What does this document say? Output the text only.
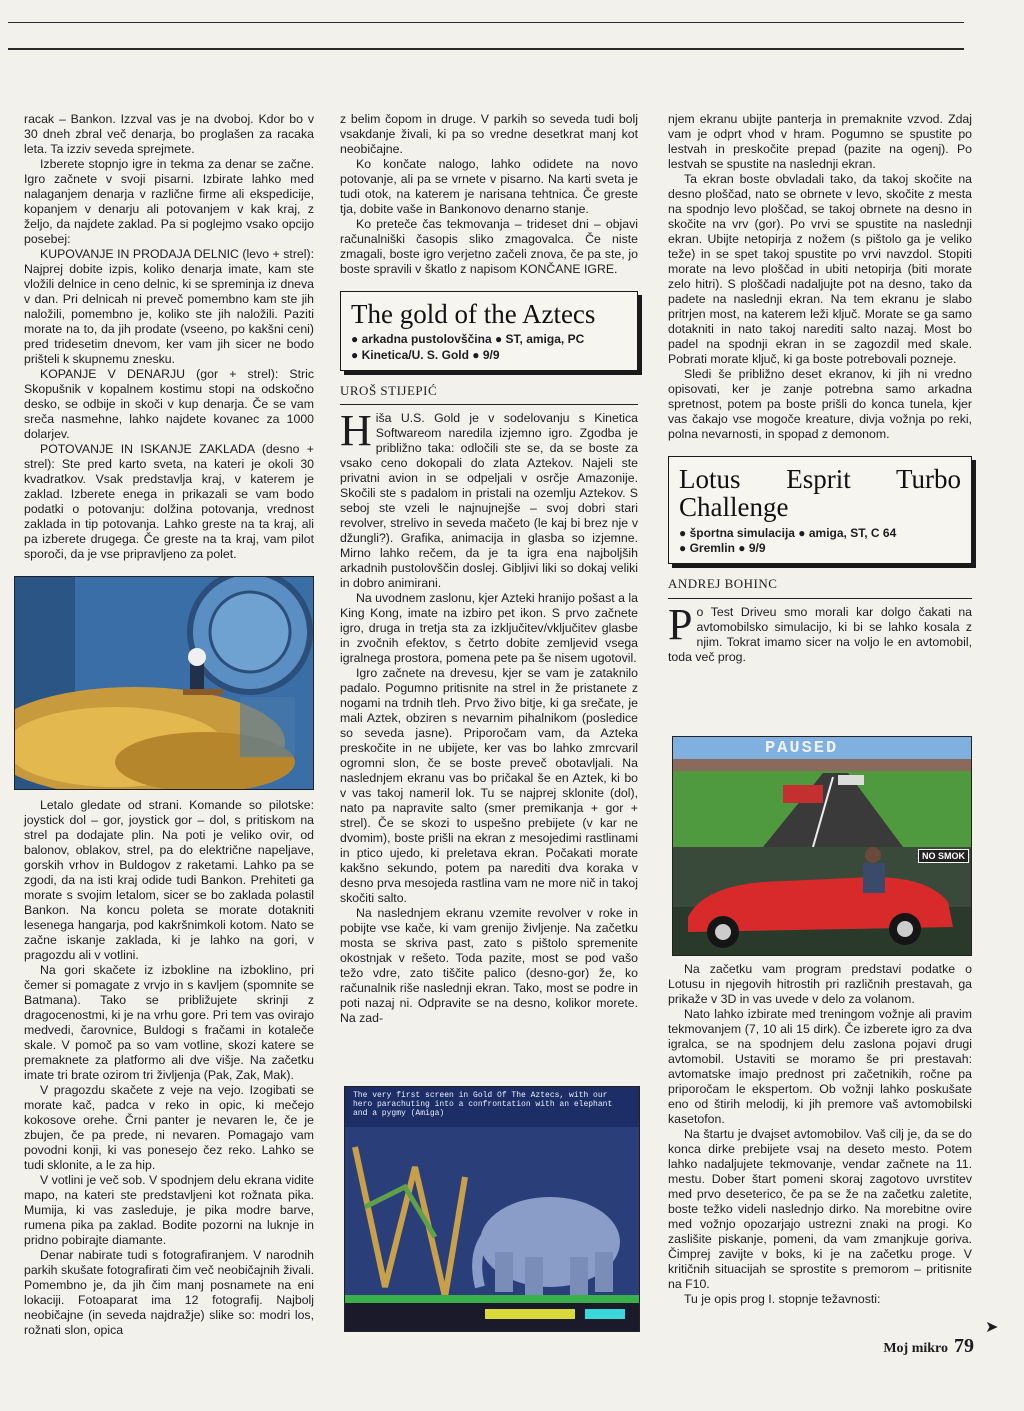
racak – Bankon. Izzval vas je na dvoboj. Kdor bo v 30 dneh zbral več denarja, bo proglašen za racaka leta. Ta izziv seveda sprejmete.

Izberete stopnjo igre in tekma za denar se začne. Igro začnete v svoji pisarni. Izbirate lahko med nalaganjem denarja v različne firme ali ekspedicije, kopanjem v denarju ali potovanjem v kak kraj, z željo, da najdete zaklad. Pa si poglejmo vsako opcijo posebej:

KUPOVANJE IN PRODAJA DELNIC (levo + strel): Najprej dobite izpis, koliko denarja imate, kam ste vložili delnice in ceno delnic, ki se spreminja iz dneva v dan. Pri delnicah ni preveč pomembno kam ste jih naložili, pomembno je, koliko ste jih naložili. Paziti morate na to, da jih prodate (vseeno, po kakšni ceni) pred tridesetim dnevom, ker vam jih sicer ne bodo prišteli k skupnemu znesku.

KOPANJE V DENARJU (gor + strel): Stric Skopušnik v kopalnem kostimu stopi na odskočno desko, se odbije in skoči v kup denarja. Če se vam sreča nasmehne, lahko najdete kovanec za 1000 dolarjev.

POTOVANJE IN ISKANJE ZAKLADA (desno + strel): Ste pred karto sveta, na kateri je okoli 30 kvadratkov. Vsak predstavlja kraj, v katerem je zaklad. Izberete enega in prikazali se vam bodo podatki o potovanju: dolžina potovanja, vrednost zaklada in tip potovanja. Lahko greste na ta kraj, ali pa izberete drugega. Če greste na ta kraj, vam pilot sporoči, da je vse pripravljeno za polet.

Letalo gledate od strani. Komande so pilotske: joystick dol – gor, joystick gor – dol, s pritiskom na strel pa dodajate plin. Na poti je veliko ovir, od balonov, oblakov, strel, pa do električne napeljave, gorskih vrhov in Buldogov z raketami. Lahko pa se zgodi, da na isti kraj odide tudi Bankon. Prehiteti ga morate s svojim letalom, sicer se bo zaklada polastil Bankon. Na koncu poleta se morate dotakniti lesenega hangarja, pod kakršnimkoli kotom. Nato se začne iskanje zaklada, ki je lahko na gori, v pragozdu ali v votlini.

Na gori skačete iz izbokline na izboklino, pri čemer si pomagate z vrvjo in s kavljem (spomnite se Batmana). Tako se približujete skrinji z dragocenostmi, ki je na vrhu gore. Pri tem vas ovirajo medvedi, čarovnice, Buldogi s fračami in kotaleče skale. V pomoč pa so vam votline, skozi katere se premaknete za platformo ali dve višje. Na začetku imate tri brate ozirom tri življenja (Pak, Zak, Mak).

V pragozdu skačete z veje na vejo. Izogibati se morate kač, padca v reko in opic, ki mečejo kokosove orehe. Črni panter je nevaren le, če je zbujen, če pa prede, ni nevaren. Pomagajo vam povodni konji, ki vas ponesejo čez reko. Lahko se tudi sklonite, a le za hip.

V votlini je več sob. V spodnjem delu ekrana vidite mapo, na kateri ste predstavljeni kot rožnata pika. Mumija, ki vas zasleduje, je pika modre barve, rumena pika pa zaklad. Bodite pozorni na luknje in pridno pobirajte diamante.

Denar nabirate tudi s fotografiranjem. V narodnih parkih skušate fotografirati čim več neobičajnih živali. Pomembno je, da jih čim manj posnamete na eni lokaciji. Fotoaparat ima 12 fotografij. Najbolj neobičajne (in seveda najdražje) slike so: modri los, rožnati slon, opica

z belim čopom in druge. V parkih so seveda tudi bolj vsakdanje živali, ki pa so vredne desetkrat manj kot neobičajne.

Ko končate nalogo, lahko odidete na novo potovanje, ali pa se vrnete v pisarno. Na karti sveta je tudi otok, na katerem je narisana tehtnica. Če greste tja, dobite vaše in Bankonovo denarno stanje.

Ko preteče čas tekmovanja – trideset dni – objavi računalniški časopis sliko zmagovalca. Če niste zmagali, boste igro verjetno začeli znova, če pa ste, jo boste spravili v škatlo z napisom KONČANE IGRE.

The gold of the Aztecs
● arkadna pustolovščina ● ST, amiga, PC
● Kinetica/U. S. Gold ● 9/9
UROŠ STIJEPIĆ

Hiša U.S. Gold je v sodelovanju s Kinetica Softwareom naredila izjemno igro. Zgodba je približno taka: odločili ste se, da se boste za vsako ceno dokopali do zlata Aztekov. Najeli ste privatni avion in se odpeljali v osrčje Amazonije. Skočili ste s padalom in pristali na ozemlju Aztekov. S seboj ste vzeli le najnujnejše – svoj dobri stari revolver, strelivo in seveda mačeto (le kaj bi brez nje v džungli?). Grafika, animacija in glasba so izjemne. Mirno lahko rečem, da je ta igra ena najboljših arkadnih pustolovščin doslej. Gibljivi liki so dokaj veliki in dobro animirani.

Na uvodnem zaslonu, kjer Azteki hranijo pošast a la King Kong, imate na izbiro pet ikon. S prvo začnete igro, druga in tretja sta za izključitev/vključitev glasbe in zvočnih efektov, s četrto dobite zemljevid vsega igralnega prostora, pomena pete pa še nisem ugotovil.

Igro začnete na drevesu, kjer se vam je zataknilo padalo. Pogumno pritisnite na strel in že pristanete z nogami na trdnih tleh. Prvo živo bitje, ki ga srečate, je mali Aztek, obziren s nevarnim pihalnikom (posledice so seveda jasne). Priporočam vam, da Azteka preskočite in ne ubijete, ker vas bo lahko zmrcvaril ogromni slon, če se boste preveč obotavljali. Na naslednjem ekranu vas bo pričakal še en Aztek, ki bo v vas takoj nameril lok. Tu se najprej sklonite (dol), nato pa napravite salto (smer premikanja + gor + strel). Če se skozi to uspešno prebijete (v kar ne dvomim), boste prišli na ekran z mesojedimi rastlinami in ptico ujedo, ki preletava ekran. Počakati morate kakšno sekundo, potem pa narediti dva koraka v desno prva mesojeda rastlina vam ne more nič in takoj skočiti salto.

Na naslednjem ekranu vzemite revolver v roke in pobijte vse kače, ki vam grenijo življenje. Na začetku mosta se skriva past, zato s pištolo spremenite okostnjak v rešeto. Toda pazite, most se pod vašo težo vdre, zato tiščite palico (desno-gor) že, ko računalnik riše naslednji ekran. Tako, most se podre in poti nazaj ni. Odpravite se na desno, kolikor morete. Na zad-

The very first screen in Gold Of The Aztecs, with our hero parachuting into a confrontation with an elephant and a pygmy (Amiga)

njem ekranu ubijte panterja in premaknite vzvod. Zdaj vam je odprt vhod v hram. Pogumno se spustite po lestvah in preskočite prepad (pazite na ogenj). Po lestvah se spustite na naslednji ekran.

Ta ekran boste obvladali tako, da takoj skočite na desno ploščad, nato se obrnete v levo, skočite z mesta na spodnjo levo ploščad, se takoj obrnete na desno in skočite na vrv (gor). Po vrvi se spustite na naslednji ekran. Ubijte netopirja z nožem (s pištolo ga je veliko teže) in se spet takoj spustite po vrvi navzdol. Stopiti morate na levo ploščad in ubiti netopirja (biti morate zelo hitri). S ploščadi nadaljujte pot na desno, tako da padete na naslednji ekran. Na tem ekranu je slabo pritrjen most, na katerem leži ključ. Morate se ga samo dotakniti in nato takoj narediti salto nazaj. Most bo padel na spodnji ekran in se zagozdil med skale. Pobrati morate ključ, ki ga boste potrebovali pozneje.

Sledi še približno deset ekranov, ki jih ni vredno opisovati, ker je zanje potrebna samo arkadna spretnost, potem pa boste prišli do konca tunela, kjer vas čakajo vse mogoče kreature, divja vožnja po reki, polna nevarnosti, in spopad z demonom.

Lotus Esprit Turbo Challenge
● športna simulacija ● amiga, ST, C 64
● Gremlin ● 9/9
ANDREJ BOHINC

Po Test Driveu smo morali kar dolgo čakati na avtomobilsko simulacijo, ki bi se lahko kosala z njim. Tokrat imamo sicer na voljo le en avtomobil, toda več prog.

PAUSED
NO SMOK

Na začetku vam program predstavi podatke o Lotusu in njegovih hitrostih pri različnih prestavah, ga prikaže v 3D in vas uvede v delo za volanom.

Nato lahko izbirate med treningom vožnje ali pravim tekmovanjem (7, 10 ali 15 dirk). Če izberete igro za dva igralca, se na spodnjem delu zaslona pojavi drugi avtomobil. Ustaviti se moramo še pri prestavah: avtomatske imajo prednost pri začetnikih, ročne pa priporočam le ekspertom. Ob vožnji lahko poskušate eno od štirih melodij, ki jih premore vaš avtomobilski kasetofon.

Na štartu je dvajset avtomobilov. Vaš cilj je, da se do konca dirke prebijete vsaj na deseto mesto. Potem lahko nadaljujete tekmovanje, vendar začnete na 11. mestu. Dober štart pomeni skoraj zagotovo uvrstitev med prvo deseterico, če pa se že na začetku zaletite, boste težko videli naslednjo dirko. Na morebitne ovire med vožnjo opozarjajo ustrezni znaki na progi. Ko zaslišite piskanje, pomeni, da vam zmanjkuje goriva. Čimprej zavijte v boks, ki je na začetku proge. V kritičnih situacijah se sprostite s premorom – pritisnite na F10.

Tu je opis prog I. stopnje težavnosti:

➤
Moj mikro 79
